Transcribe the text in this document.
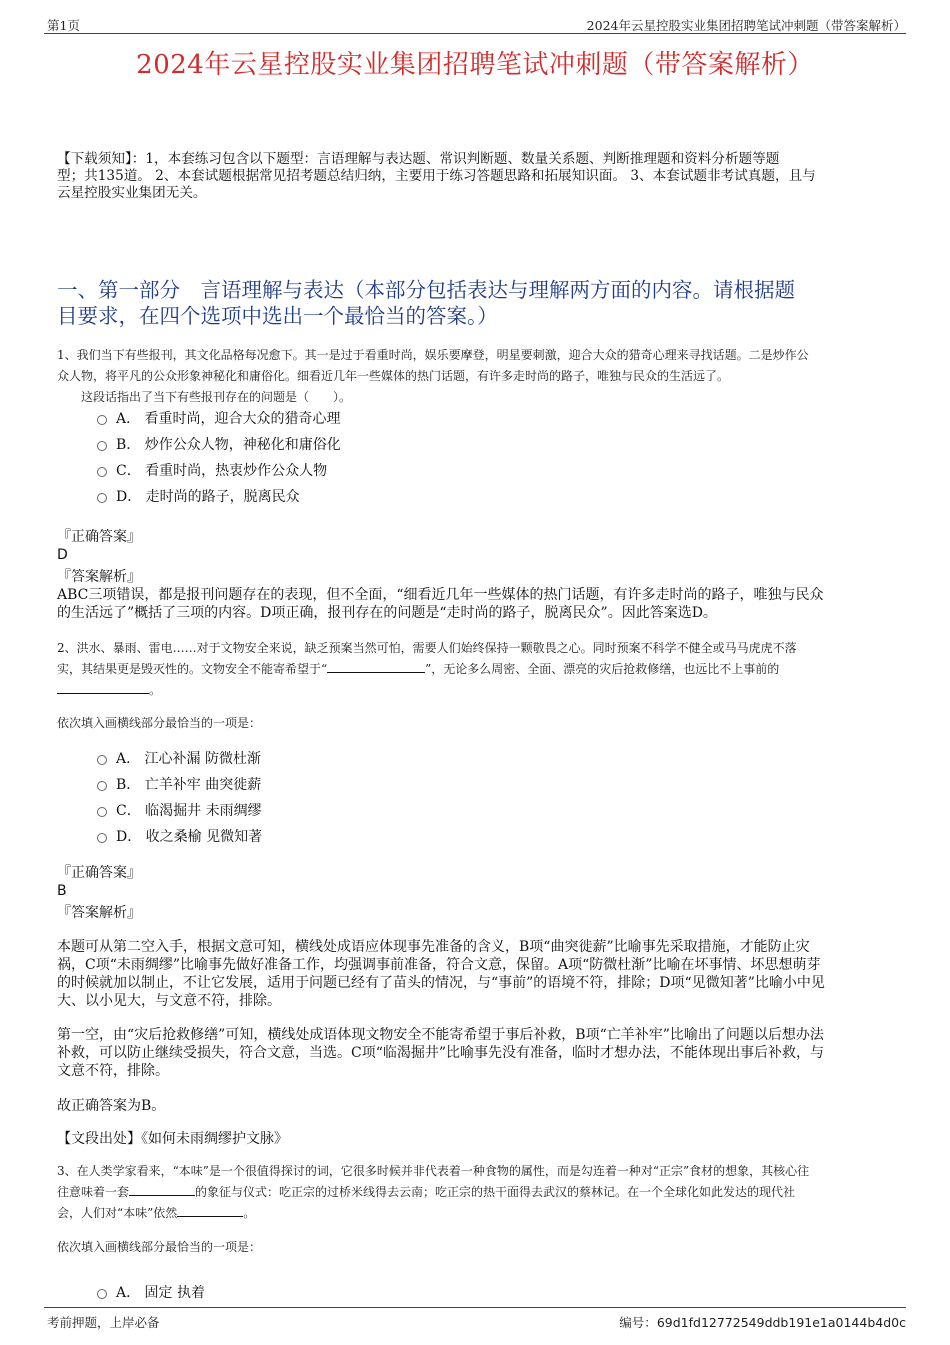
第1页	2024年云星控股实业集团招聘笔试冲刺题（带答案解析）
2024年云星控股实业集团招聘笔试冲刺题（带答案解析）
【下载须知】：1，本套练习包含以下题型：言语理解与表达题、常识判断题、数量关系题、判断推理题和资料分析题等题
型；共135道。 2、本套试题根据常见招考题总结归纳，主要用于练习答题思路和拓展知识面。 3、本套试题非考试真题，且与
云星控股实业集团无关。
一、第一部分　言语理解与表达（本部分包括表达与理解两方面的内容。请根据题
目要求，在四个选项中选出一个最恰当的答案。）
1、我们当下有些报刊，其文化品格每况愈下。其一是过于看重时尚，娱乐要摩登，明星要刺激，迎合大众的猎奇心理来寻找话题。二是炒作公
众人物，将平凡的公众形象神秘化和庸俗化。细看近几年一些媒体的热门话题，有许多走时尚的路子，唯独与民众的生活远了。
这段话指出了当下有些报刊存在的问题是（　　）。
A． 看重时尚，迎合大众的猎奇心理
B． 炒作公众人物，神秘化和庸俗化
C． 看重时尚，热衷炒作公众人物
D． 走时尚的路子，脱离民众
『正确答案』
D
『答案解析』
ABC三项错误，都是报刊问题存在的表现，但不全面，“细看近几年一些媒体的热门话题，有许多走时尚的路子，唯独与民众
的生活远了”概括了三项的内容。D项正确，报刊存在的问题是“走时尚的路子，脱离民众”。因此答案选D。
2、洪水、暴雨、雷电……对于文物安全来说，缺乏预案当然可怕，需要人们始终保持一颗敬畏之心。同时预案不科学不健全或马马虎虎不落
实，其结果更是毁灭性的。文物安全不能寄希望于“	”，无论多么周密、全面、漂亮的灾后抢救修缮，也远比不上事前的
。
依次填入画横线部分最恰当的一项是：
A． 江心补漏 防微杜渐
B． 亡羊补牢 曲突徙薪
C． 临渴掘井 未雨绸缪
D． 收之桑榆 见微知著
『正确答案』
B
『答案解析』
本题可从第二空入手，根据文意可知，横线处成语应体现事先准备的含义，B项“曲突徙薪”比喻事先采取措施，才能防止灾
祸，C项“未雨绸缪”比喻事先做好准备工作，均强调事前准备，符合文意，保留。A项“防微杜渐”比喻在坏事情、坏思想萌芽
的时候就加以制止，不让它发展，适用于问题已经有了苗头的情况，与“事前”的语境不符，排除；D项“见微知著”比喻小中见
大、以小见大，与文意不符，排除。
第一空，由“灾后抢救修缮”可知，横线处成语体现文物安全不能寄希望于事后补救，B项“亡羊补牢”比喻出了问题以后想办法
补救，可以防止继续受损失，符合文意，当选。C项“临渴掘井”比喻事先没有准备，临时才想办法，不能体现出事后补救，与
文意不符，排除。
故正确答案为B。
【文段出处】《如何未雨绸缪护文脉》
3、在人类学家看来，“本味”是一个很值得探讨的词，它很多时候并非代表着一种食物的属性，而是勾连着一种对“正宗”食材的想象，其核心往
往意味着一套	的象征与仪式：吃正宗的过桥米线得去云南；吃正宗的热干面得去武汉的蔡林记。在一个全球化如此发达的现代社
会，人们对“本味”依然	。
依次填入画横线部分最恰当的一项是：
A． 固定 执着
考前押题，上岸必备	编号：69d1fd12772549ddb191e1a0144b4d0c
